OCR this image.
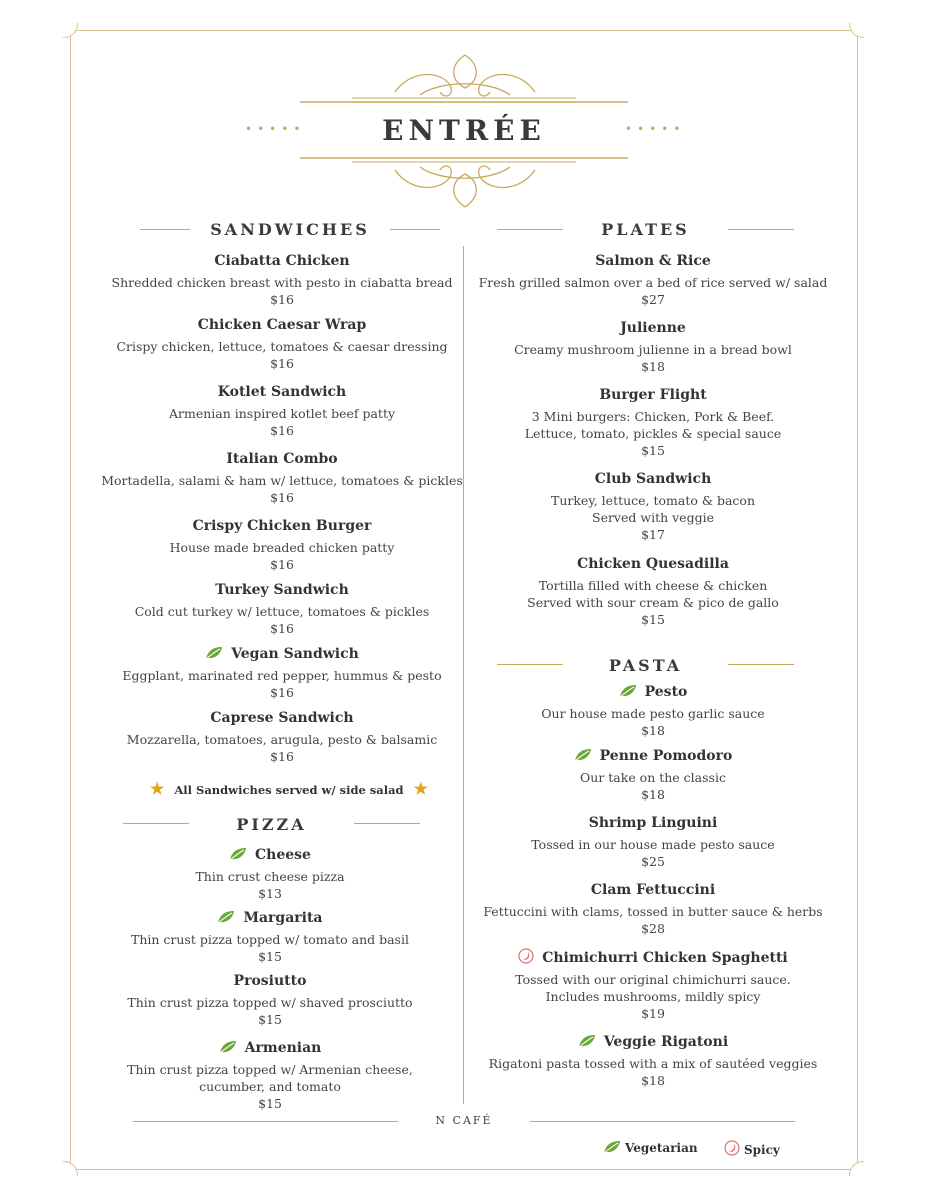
•••••	•••••
ENTRÉE
SANDWICHES
Ciabatta Chicken
Shredded chicken breast with pesto in ciabatta bread
$16
Chicken Caesar Wrap
Crispy chicken, lettuce, tomatoes & caesar dressing
$16
Kotlet Sandwich
Armenian inspired kotlet beef patty
$16
Italian Combo
Mortadella, salami & ham w/ lettuce, tomatoes & pickles
$16
Crispy Chicken Burger
House made breaded chicken patty
$16
Turkey Sandwich
Cold cut turkey w/ lettuce, tomatoes & pickles
$16
Vegan Sandwich
Eggplant, marinated red pepper, hummus & pesto
$16
Caprese Sandwich
Mozzarella, tomatoes, arugula, pesto & balsamic
$16
★ All Sandwiches served w/ side salad ★
PIZZA
Cheese
Thin crust cheese pizza
$13
Margarita
Thin crust pizza topped w/ tomato and basil
$15
Prosiutto
Thin crust pizza topped w/ shaved prosciutto
$15
Armenian
Thin crust pizza topped w/ Armenian cheese,
cucumber, and tomato
$15
PLATES
Salmon & Rice
Fresh grilled salmon over a bed of rice served w/ salad
$27
Julienne
Creamy mushroom julienne in a bread bowl
$18
Burger Flight
3 Mini burgers: Chicken, Pork & Beef.
Lettuce, tomato, pickles & special sauce
$15
Club Sandwich
Turkey, lettuce, tomato & bacon
Served with veggie
$17
Chicken Quesadilla
Tortilla filled with cheese & chicken
Served with sour cream & pico de gallo
$15
PASTA
Pesto
Our house made pesto garlic sauce
$18
Penne Pomodoro
Our take on the classic
$18
Shrimp Linguini
Tossed in our house made pesto sauce
$25
Clam Fettuccini
Fettuccini with clams, tossed in butter sauce & herbs
$28
Chimichurri Chicken Spaghetti
Tossed with our original chimichurri sauce.
Includes mushrooms, mildly spicy
$19
Veggie Rigatoni
Rigatoni pasta tossed with a mix of sautéed veggies
$18
N CAFÉ
Vegetarian	Spicy
